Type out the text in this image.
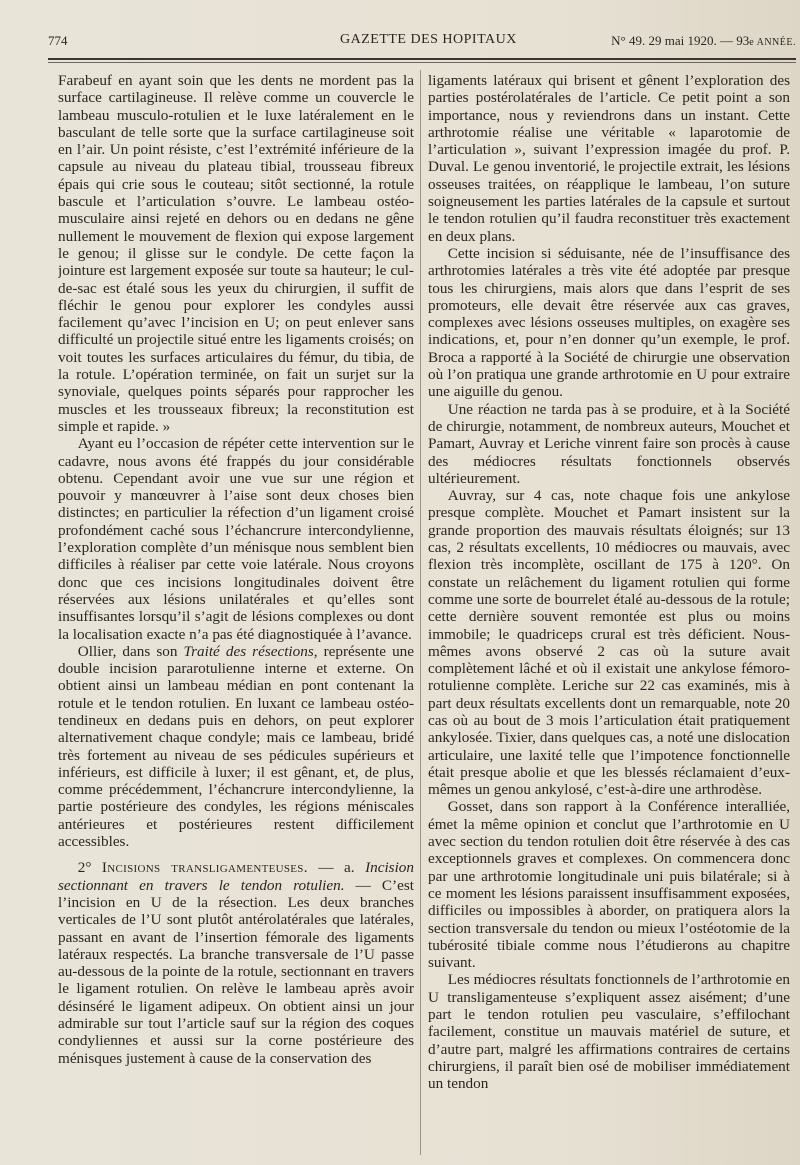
774	GAZETTE DES HOPITAUX	N° 49. 29 mai 1920. — 93e ANNÉE.

Farabeuf en ayant soin que les dents ne mordent pas la surface cartilagineuse. Il relève comme un couvercle le lambeau musculo-rotulien et le luxe latéralement en le basculant de telle sorte que la surface cartilagineuse soit en l’air. Un point résiste, c’est l’extrémité inférieure de la capsule au niveau du plateau tibial, trousseau fibreux épais qui crie sous le couteau; sitôt sectionné, la rotule bascule et l’articulation s’ouvre. Le lambeau ostéo-musculaire ainsi rejeté en dehors ou en dedans ne gêne nullement le mouvement de flexion qui expose largement le genou; il glisse sur le condyle. De cette façon la jointure est largement exposée sur toute sa hauteur; le cul-de-sac est étalé sous les yeux du chirurgien, il suffit de fléchir le genou pour explorer les condyles aussi facilement qu’avec l’incision en U; on peut enlever sans difficulté un projectile situé entre les ligaments croisés; on voit toutes les surfaces articulaires du fémur, du tibia, de la rotule. L’opération terminée, on fait un surjet sur la synoviale, quelques points séparés pour rapprocher les muscles et les trousseaux fibreux; la reconstitution est simple et rapide. »

Ayant eu l’occasion de répéter cette intervention sur le cadavre, nous avons été frappés du jour considérable obtenu. Cependant avoir une vue sur une région et pouvoir y manœuvrer à l’aise sont deux choses bien distinctes; en particulier la réfection d’un ligament croisé profondément caché sous l’échancrure intercondylienne, l’exploration complète d’un ménisque nous semblent bien difficiles à réaliser par cette voie latérale. Nous croyons donc que ces incisions longitudinales doivent être réservées aux lésions unilatérales et qu’elles sont insuffisantes lorsqu’il s’agit de lésions complexes ou dont la localisation exacte n’a pas été diagnostiquée à l’avance.

Ollier, dans son Traité des résections, représente une double incision pararotulienne interne et externe. On obtient ainsi un lambeau médian en pont contenant la rotule et le tendon rotulien. En luxant ce lambeau ostéo-tendineux en dedans puis en dehors, on peut explorer alternativement chaque condyle; mais ce lambeau, bridé très fortement au niveau de ses pédicules supérieurs et inférieurs, est difficile à luxer; il est gênant, et, de plus, comme précédemment, l’échancrure intercondylienne, la partie postérieure des condyles, les régions méniscales antérieures et postérieures restent difficilement accessibles.

2° Incisions transligamenteuses. — a. Incision sectionnant en travers le tendon rotulien. — C’est l’incision en U de la résection. Les deux branches verticales de l’U sont plutôt antérolatérales que latérales, passant en avant de l’insertion fémorale des ligaments latéraux respectés. La branche transversale de l’U passe au-dessous de la pointe de la rotule, sectionnant en travers le ligament rotulien. On relève le lambeau après avoir désinséré le ligament adipeux. On obtient ainsi un jour admirable sur tout l’article sauf sur la région des coques condyliennes et aussi sur la corne postérieure des ménisques justement à cause de la conservation des

ligaments latéraux qui brisent et gênent l’exploration des parties postérolatérales de l’article. Ce petit point a son importance, nous y reviendrons dans un instant. Cette arthrotomie réalise une véritable « laparotomie de l’articulation », suivant l’expression imagée du prof. P. Duval. Le genou inventorié, le projectile extrait, les lésions osseuses traitées, on réapplique le lambeau, l’on suture soigneusement les parties latérales de la capsule et surtout le tendon rotulien qu’il faudra reconstituer très exactement en deux plans.

Cette incision si séduisante, née de l’insuffisance des arthrotomies latérales a très vite été adoptée par presque tous les chirurgiens, mais alors que dans l’esprit de ses promoteurs, elle devait être réservée aux cas graves, complexes avec lésions osseuses multiples, on exagère ses indications, et, pour n’en donner qu’un exemple, le prof. Broca a rapporté à la Société de chirurgie une observation où l’on pratiqua une grande arthrotomie en U pour extraire une aiguille du genou.

Une réaction ne tarda pas à se produire, et à la Société de chirurgie, notamment, de nombreux auteurs, Mouchet et Pamart, Auvray et Leriche vinrent faire son procès à cause des médiocres résultats fonctionnels observés ultérieurement.

Auvray, sur 4 cas, note chaque fois une ankylose presque complète. Mouchet et Pamart insistent sur la grande proportion des mauvais résultats éloignés; sur 13 cas, 2 résultats excellents, 10 médiocres ou mauvais, avec flexion très incomplète, oscillant de 175 à 120°. On constate un relâchement du ligament rotulien qui forme comme une sorte de bourrelet étalé au-dessous de la rotule; cette dernière souvent remontée est plus ou moins immobile; le quadriceps crural est très déficient. Nous-mêmes avons observé 2 cas où la suture avait complètement lâché et où il existait une ankylose fémoro-rotulienne complète. Leriche sur 22 cas examinés, mis à part deux résultats excellents dont un remarquable, note 20 cas où au bout de 3 mois l’articulation était pratiquement ankylosée. Tixier, dans quelques cas, a noté une dislocation articulaire, une laxité telle que l’impotence fonctionnelle était presque abolie et que les blessés réclamaient d’eux-mêmes un genou ankylosé, c’est-à-dire une arthrodèse.

Gosset, dans son rapport à la Conférence interalliée, émet la même opinion et conclut que l’arthrotomie en U avec section du tendon rotulien doit être réservée à des cas exceptionnels graves et complexes. On commencera donc par une arthrotomie longitudinale uni puis bilatérale; si à ce moment les lésions paraissent insuffisamment exposées, difficiles ou impossibles à aborder, on pratiquera alors la section transversale du tendon ou mieux l’ostéotomie de la tubérosité tibiale comme nous l’étudierons au chapitre suivant.

Les médiocres résultats fonctionnels de l’arthrotomie en U transligamenteuse s’expliquent assez aisément; d’une part le tendon rotulien peu vasculaire, s’effilochant facilement, constitue un mauvais matériel de suture, et d’autre part, malgré les affirmations contraires de certains chirurgiens, il paraît bien osé de mobiliser immédiatement un tendon
